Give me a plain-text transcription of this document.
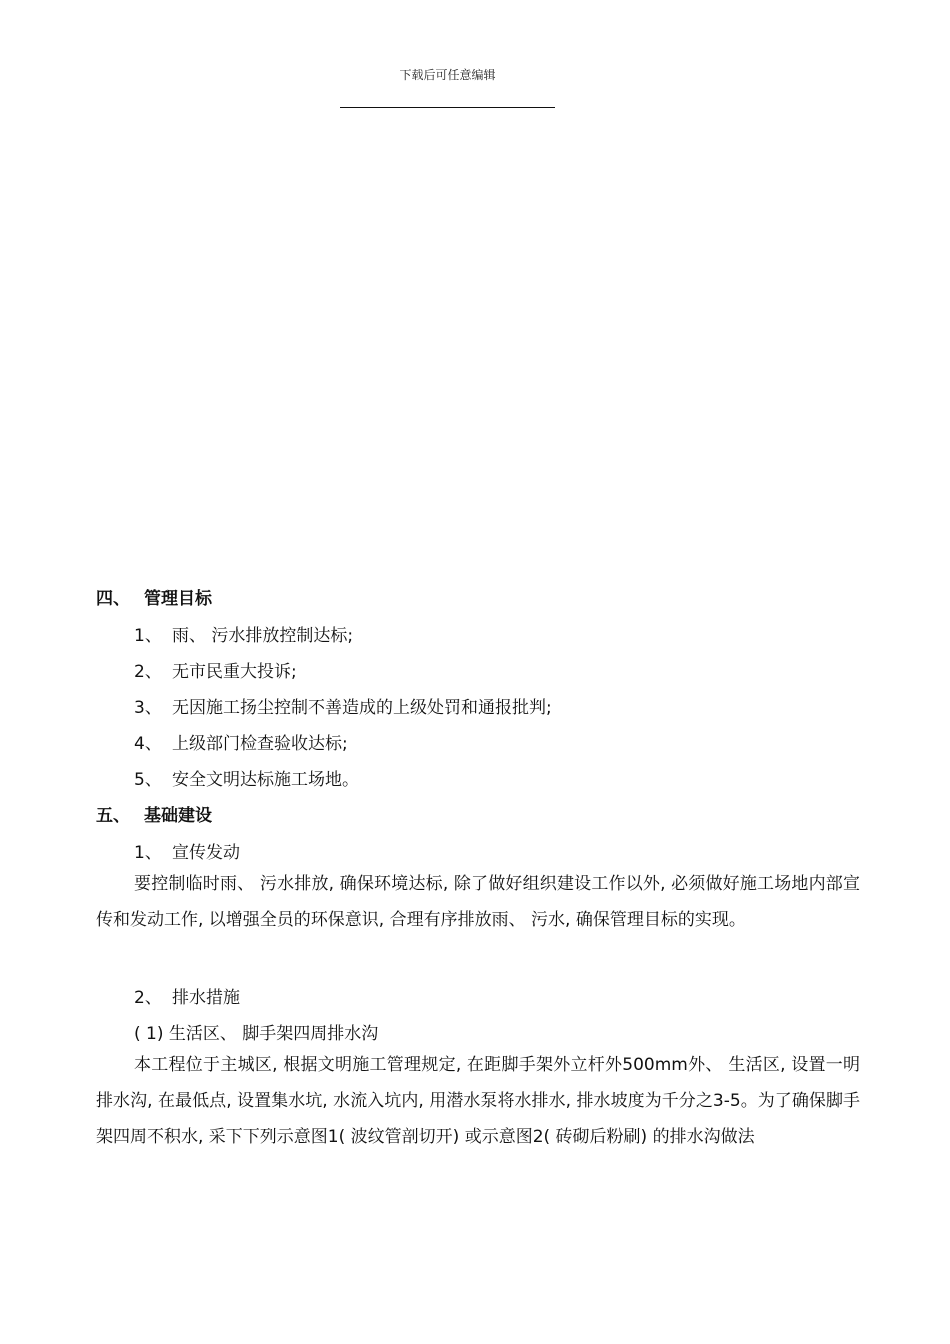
下载后可任意编辑
四、 管理目标
1、 雨、 污水排放控制达标;
2、 无市民重大投诉;
3、 无因施工扬尘控制不善造成的上级处罚和通报批判;
4、 上级部门检查验收达标;
5、 安全文明达标施工场地。
五、 基础建设
1、 宣传发动
要控制临时雨、 污水排放, 确保环境达标, 除了做好组织建设工作以外, 必须做好施工场地内部宣传和发动工作, 以增强全员的环保意识, 合理有序排放雨、 污水, 确保管理目标的实现。
2、 排水措施
( 1) 生活区、 脚手架四周排水沟
本工程位于主城区, 根据文明施工管理规定, 在距脚手架外立杆外500mm外、 生活区, 设置一明排水沟, 在最低点, 设置集水坑, 水流入坑内, 用潜水泵将水排水, 排水坡度为千分之3-5。为了确保脚手架四周不积水, 采下下列示意图1( 波纹管剖切开) 或示意图2( 砖砌后粉刷) 的排水沟做法
